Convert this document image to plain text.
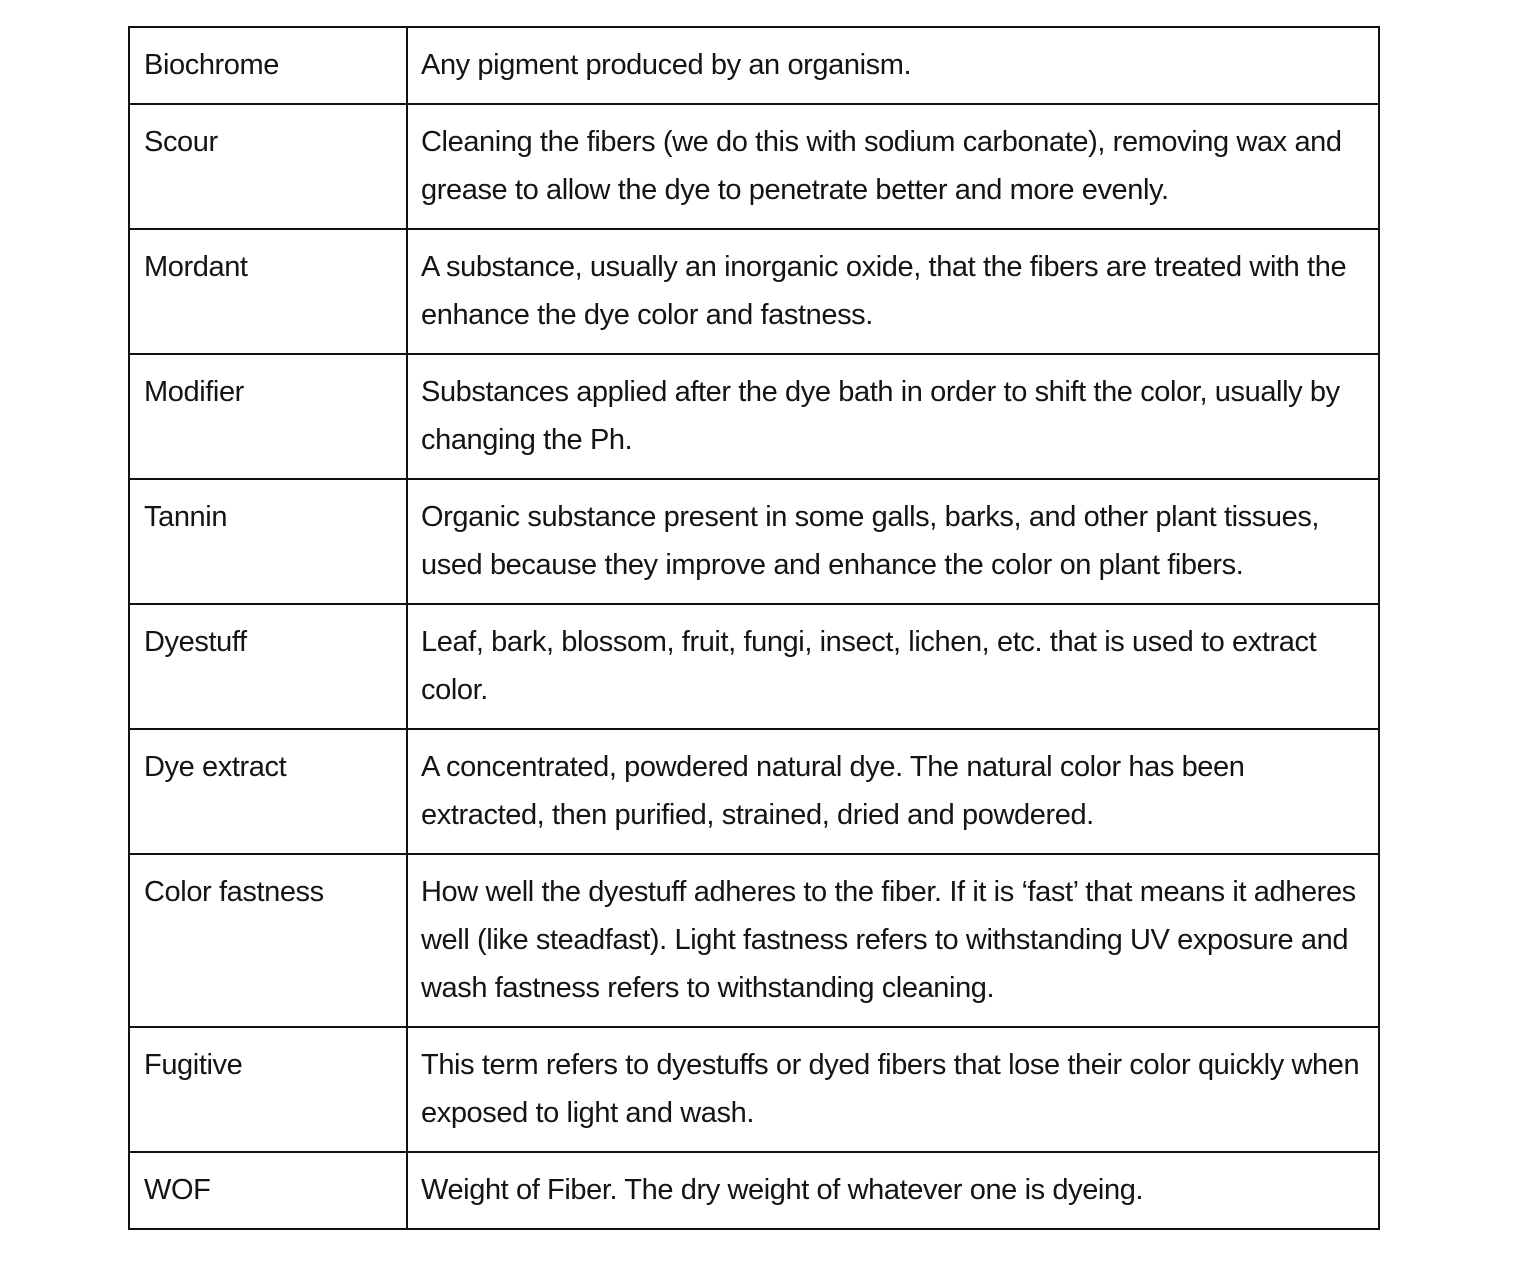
Biochrome	Any pigment produced by an organism.
Scour	Cleaning the fibers (we do this with sodium carbonate), removing wax and grease to allow the dye to penetrate better and more evenly.
Mordant	A substance, usually an inorganic oxide, that the fibers are treated with the enhance the dye color and fastness.
Modifier	Substances applied after the dye bath in order to shift the color, usually by changing the Ph.
Tannin	Organic substance present in some galls, barks, and other plant tissues, used because they improve and enhance the color on plant fibers.
Dyestuff	Leaf, bark, blossom, fruit, fungi, insect, lichen, etc. that is used to extract color.
Dye extract	A concentrated, powdered natural dye. The natural color has been extracted, then purified, strained, dried and powdered.
Color fastness	How well the dyestuff adheres to the fiber. If it is ‘fast’ that means it adheres well (like steadfast). Light fastness refers to withstanding UV exposure and wash fastness refers to withstanding cleaning.
Fugitive	This term refers to dyestuffs or dyed fibers that lose their color quickly when exposed to light and wash.
WOF	Weight of Fiber. The dry weight of whatever one is dyeing.
